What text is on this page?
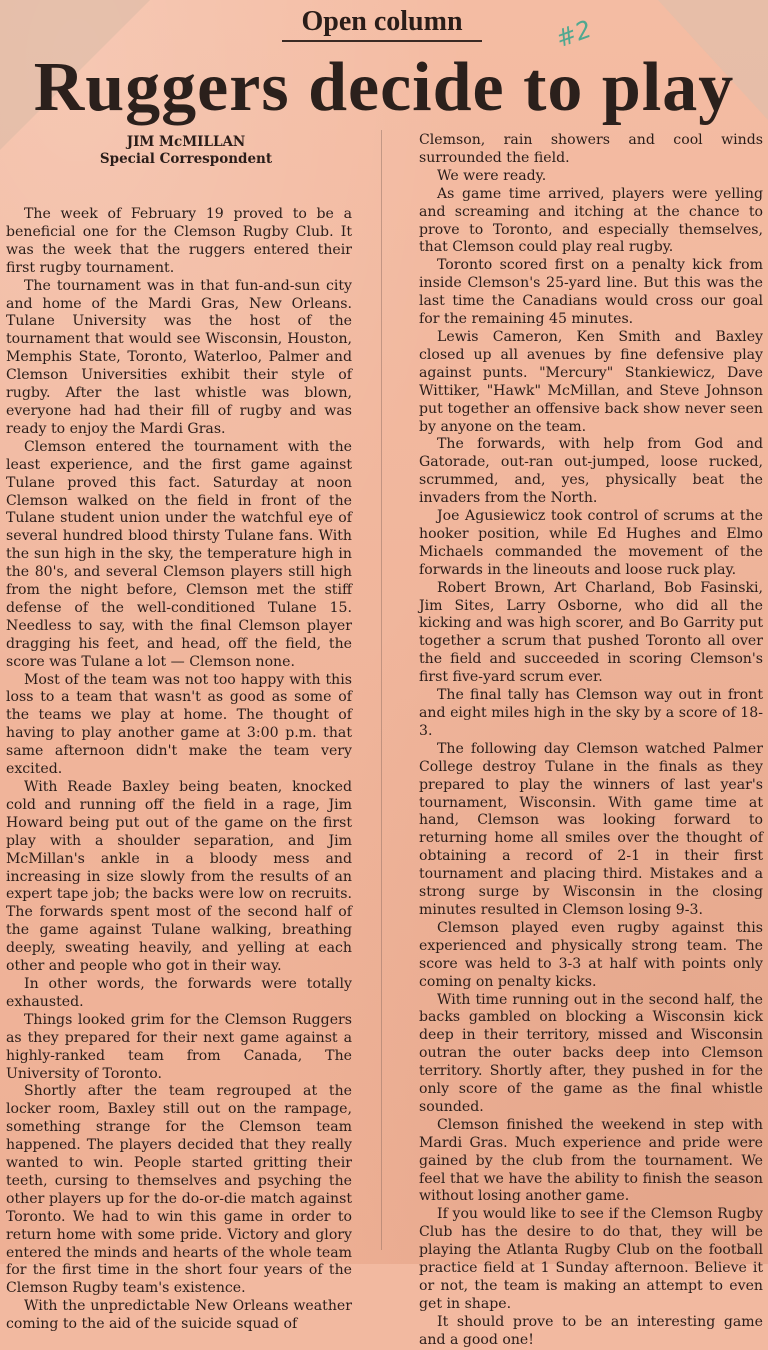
Open column	#2
Ruggers decide to play
JIM McMILLAN
Special Correspondent

The week of February 19 proved to be a beneficial one for the Clemson Rugby Club. It was the week that the ruggers entered their first rugby tournament.

The tournament was in that fun-and-sun city and home of the Mardi Gras, New Orleans. Tulane University was the host of the tournament that would see Wisconsin, Houston, Memphis State, Toronto, Waterloo, Palmer and Clemson Universities exhibit their style of rugby. After the last whistle was blown, everyone had had their fill of rugby and was ready to enjoy the Mardi Gras.

Clemson entered the tournament with the least experience, and the first game against Tulane proved this fact. Saturday at noon Clemson walked on the field in front of the Tulane student union under the watchful eye of several hundred blood thirsty Tulane fans. With the sun high in the sky, the temperature high in the 80's, and several Clemson players still high from the night before, Clemson met the stiff defense of the well-conditioned Tulane 15. Needless to say, with the final Clemson player dragging his feet, and head, off the field, the score was Tulane a lot — Clemson none.

Most of the team was not too happy with this loss to a team that wasn't as good as some of the teams we play at home. The thought of having to play another game at 3:00 p.m. that same afternoon didn't make the team very excited.

With Reade Baxley being beaten, knocked cold and running off the field in a rage, Jim Howard being put out of the game on the first play with a shoulder separation, and Jim McMillan's ankle in a bloody mess and increasing in size slowly from the results of an expert tape job; the backs were low on recruits. The forwards spent most of the second half of the game against Tulane walking, breathing deeply, sweating heavily, and yelling at each other and people who got in their way.

In other words, the forwards were totally exhausted.

Things looked grim for the Clemson Ruggers as they prepared for their next game against a highly-ranked team from Canada, The University of Toronto.

Shortly after the team regrouped at the locker room, Baxley still out on the rampage, something strange for the Clemson team happened. The players decided that they really wanted to win. People started gritting their teeth, cursing to themselves and psyching the other players up for the do-or-die match against Toronto. We had to win this game in order to return home with some pride. Victory and glory entered the minds and hearts of the whole team for the first time in the short four years of the Clemson Rugby team's existence.

With the unpredictable New Orleans weather coming to the aid of the suicide squad of

Clemson, rain showers and cool winds surrounded the field.

We were ready.

As game time arrived, players were yelling and screaming and itching at the chance to prove to Toronto, and especially themselves, that Clemson could play real rugby.

Toronto scored first on a penalty kick from inside Clemson's 25-yard line. But this was the last time the Canadians would cross our goal for the remaining 45 minutes.

Lewis Cameron, Ken Smith and Baxley closed up all avenues by fine defensive play against punts. "Mercury" Stankiewicz, Dave Wittiker, "Hawk" McMillan, and Steve Johnson put together an offensive back show never seen by anyone on the team.

The forwards, with help from God and Gatorade, out-ran out-jumped, loose rucked, scrummed, and, yes, physically beat the invaders from the North.

Joe Agusiewicz took control of scrums at the hooker position, while Ed Hughes and Elmo Michaels commanded the movement of the forwards in the lineouts and loose ruck play.

Robert Brown, Art Charland, Bob Fasinski, Jim Sites, Larry Osborne, who did all the kicking and was high scorer, and Bo Garrity put together a scrum that pushed Toronto all over the field and succeeded in scoring Clemson's first five-yard scrum ever.

The final tally has Clemson way out in front and eight miles high in the sky by a score of 18-3.

The following day Clemson watched Palmer College destroy Tulane in the finals as they prepared to play the winners of last year's tournament, Wisconsin. With game time at hand, Clemson was looking forward to returning home all smiles over the thought of obtaining a record of 2-1 in their first tournament and placing third. Mistakes and a strong surge by Wisconsin in the closing minutes resulted in Clemson losing 9-3.

Clemson played even rugby against this experienced and physically strong team. The score was held to 3-3 at half with points only coming on penalty kicks.

With time running out in the second half, the backs gambled on blocking a Wisconsin kick deep in their territory, missed and Wisconsin outran the outer backs deep into Clemson territory. Shortly after, they pushed in for the only score of the game as the final whistle sounded.

Clemson finished the weekend in step with Mardi Gras. Much experience and pride were gained by the club from the tournament. We feel that we have the ability to finish the season without losing another game.

If you would like to see if the Clemson Rugby Club has the desire to do that, they will be playing the Atlanta Rugby Club on the football practice field at 1 Sunday afternoon. Believe it or not, the team is making an attempt to even get in shape.

It should prove to be an interesting game and a good one!
